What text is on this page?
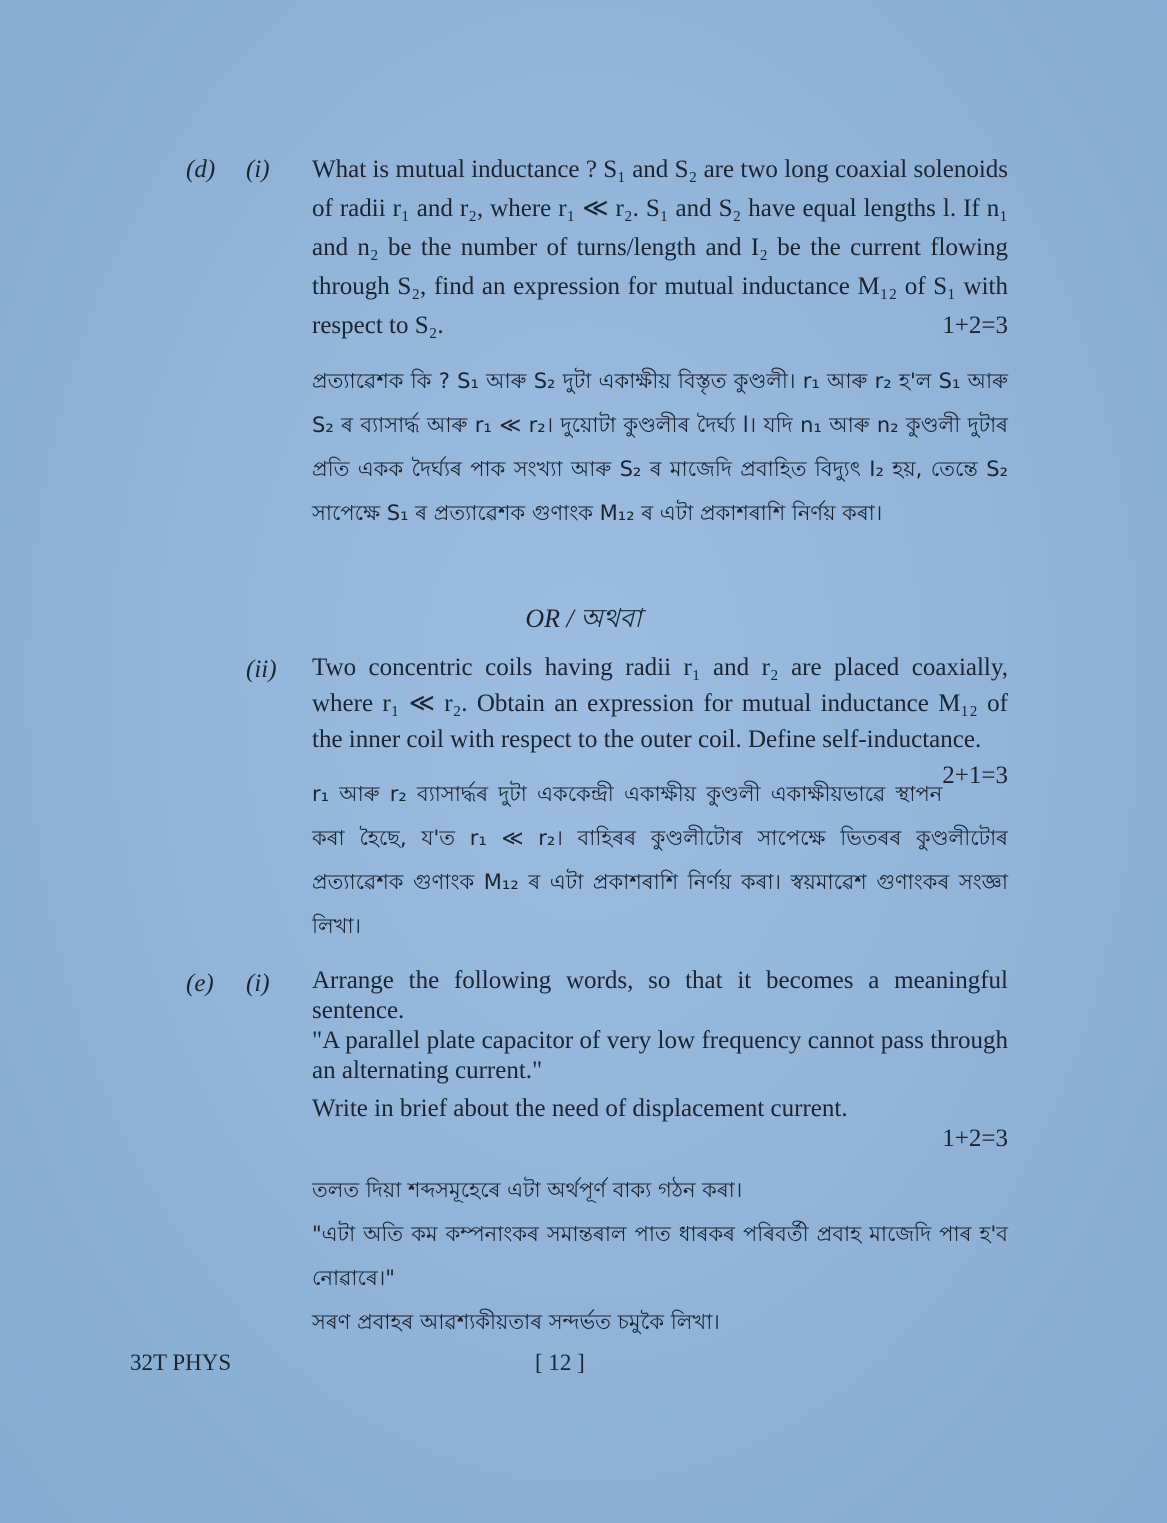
(d) (i) What is mutual inductance ? S₁ and S₂ are two long coaxial solenoids of radii r₁ and r₂, where r₁ ≪ r₂. S₁ and S₂ have equal lengths l. If n₁ and n₂ be the number of turns/length and I₂ be the current flowing through S₂, find an expression for mutual inductance M₁₂ of S₁ with respect to S₂.	1+2=3

প্ৰত্যাৱেশক কি ? S₁ আৰু S₂ দুটা একাক্ষীয় বিস্তৃত কুণ্ডলী। r₁ আৰু r₂ হ'ল S₁ আৰু S₂ ৰ ব্যাসাৰ্দ্ধ আৰু r₁ ≪ r₂। দুয়োটা কুণ্ডলীৰ দৈৰ্ঘ্য l। যদি n₁ আৰু n₂ কুণ্ডলী দুটাৰ প্ৰতি একক দৈৰ্ঘ্যৰ পাক সংখ্যা আৰু S₂ ৰ মাজেদি প্ৰবাহিত বিদ্যুৎ I₂ হয়, তেন্তে S₂ সাপেক্ষে S₁ ৰ প্ৰত্যাৱেশক গুণাংক M₁₂ ৰ এটা প্ৰকাশৰাশি নিৰ্ণয় কৰা।

OR / অথবা
(ii) Two concentric coils having radii r₁ and r₂ are placed coaxially, where r₁ ≪ r₂. Obtain an expression for mutual inductance M₁₂ of the inner coil with respect to the outer coil. Define self-inductance.
2+1=3

r₁ আৰু r₂ ব্যাসাৰ্দ্ধৰ দুটা এককেন্দ্ৰী একাক্ষীয় কুণ্ডলী একাক্ষীয়ভাৱে স্থাপন কৰা হৈছে, য'ত r₁ ≪ r₂। বাহিৰৰ কুণ্ডলীটোৰ সাপেক্ষে ভিতৰৰ কুণ্ডলীটোৰ প্ৰত্যাৱেশক গুণাংক M₁₂ ৰ এটা প্ৰকাশৰাশি নিৰ্ণয় কৰা। স্বয়মাৱেশ গুণাংকৰ সংজ্ঞা লিখা।

(e) (i) Arrange the following words, so that it becomes a meaningful sentence.

"A parallel plate capacitor of very low frequency cannot pass through an alternating current."

Write in brief about the need of displacement current.

1+2=3

তলত দিয়া শব্দসমূহেৰে এটা অৰ্থপূৰ্ণ বাক্য গঠন কৰা।

"এটা অতি কম কম্পনাংকৰ সমান্তৰাল পাত ধাৰকৰ পৰিবৰ্তী প্ৰবাহ মাজেদি পাৰ হ'ব নোৱাৰে।"

সৰণ প্ৰবাহৰ আৱশ্যকীয়তাৰ সন্দৰ্ভত চমুকৈ লিখা।

32T PHYS	[ 12 ]
